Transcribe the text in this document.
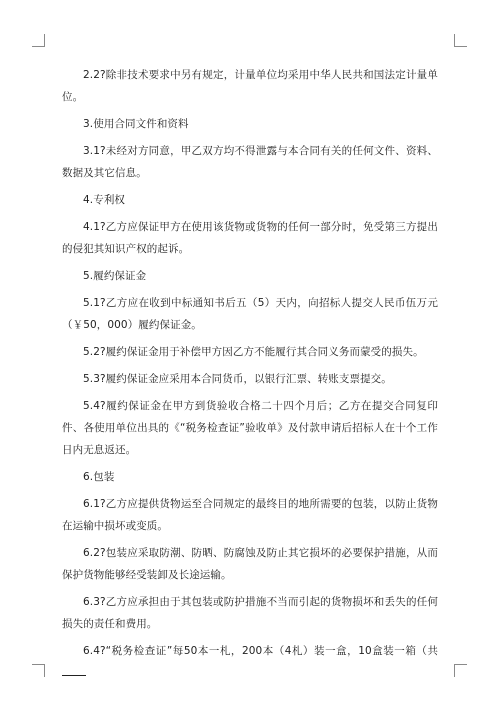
2.2?除非技术要求中另有规定，计量单位均采用中华人民共和国法定计量单位。

3.使用合同文件和资料

3.1?未经对方同意，甲乙双方均不得泄露与本合同有关的任何文件、资料、数据及其它信息。

4.专利权

4.1?乙方应保证甲方在使用该货物或货物的任何一部分时，免受第三方提出的侵犯其知识产权的起诉。

5.履约保证金

5.1?乙方应在收到中标通知书后五（5）天内，向招标人提交人民币伍万元（￥50，000）履约保证金。

5.2?履约保证金用于补偿甲方因乙方不能履行其合同义务而蒙受的损失。

5.3?履约保证金应采用本合同货币，以银行汇票、转账支票提交。

5.4?履约保证金在甲方到货验收合格二十四个月后；乙方在提交合同复印件、各使用单位出具的《“税务检查证”验收单》及付款申请后招标人在十个工作日内无息返还。

6.包装

6.1?乙方应提供货物运至合同规定的最终目的地所需要的包装，以防止货物在运输中损坏或变质。

6.2?包装应采取防潮、防晒、防腐蚀及防止其它损坏的必要保护措施，从而保护货物能够经受装卸及长途运输。

6.3?乙方应承担由于其包装或防护措施不当而引起的货物损坏和丢失的任何损失的责任和费用。

6.4?“税务检查证”每50本一札，200本（4札）装一盒，10盒装一箱（共
